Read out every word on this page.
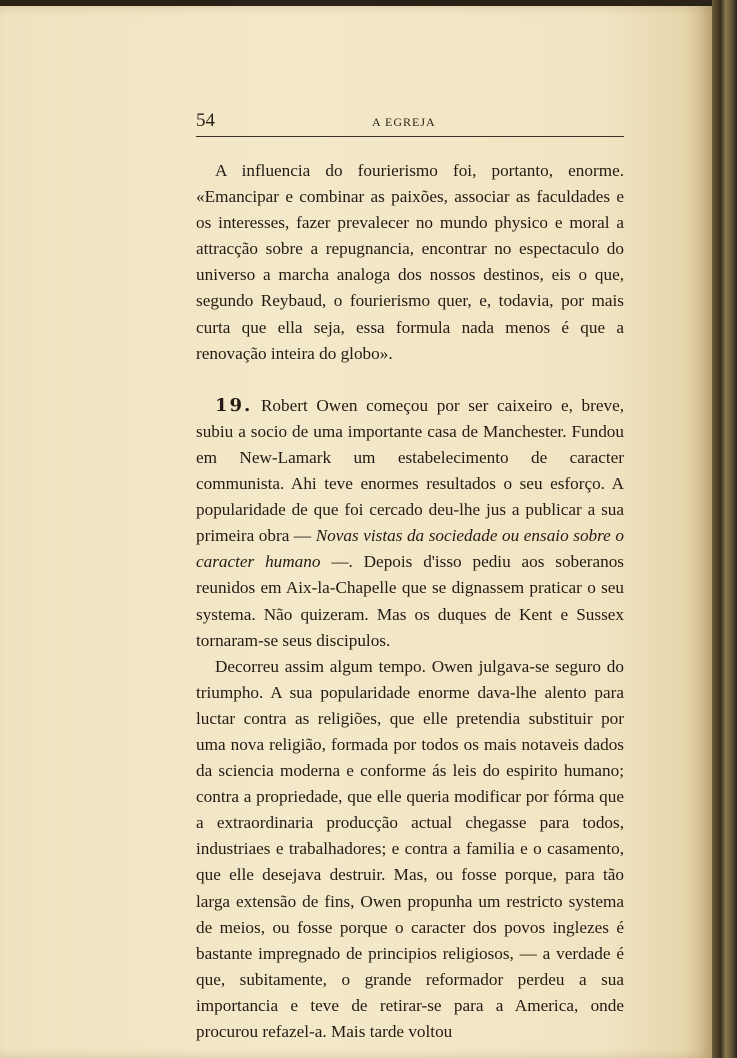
54	A EGREJA

A influencia do fourierismo foi, portanto, enorme. «Emancipar e combinar as paixões, associar as faculdades e os interesses, fazer prevalecer no mundo physico e moral a attracção sobre a repugnancia, encontrar no espectaculo do universo a marcha analoga dos nossos destinos, eis o que, segundo Reybaud, o fourierismo quer, e, todavia, por mais curta que ella seja, essa formula nada menos é que a renovação inteira do globo».

19. Robert Owen começou por ser caixeiro e, breve, subiu a socio de uma importante casa de Manchester. Fundou em New-Lamark um estabelecimento de caracter communista. Ahi teve enormes resultados o seu esforço. A popularidade de que foi cercado deu-lhe jus a publicar a sua primeira obra — Novas vistas da sociedade ou ensaio sobre o caracter humano —. Depois d'isso pediu aos soberanos reunidos em Aix-la-Chapelle que se dignassem praticar o seu systema. Não quizeram. Mas os duques de Kent e Sussex tornaram-se seus discipulos.

Decorreu assim algum tempo. Owen julgava-se seguro do triumpho. A sua popularidade enorme dava-lhe alento para luctar contra as religiões, que elle pretendia substituir por uma nova religião, formada por todos os mais notaveis dados da sciencia moderna e conforme ás leis do espirito humano; contra a propriedade, que elle queria modificar por fórma que a extraordinaria producção actual chegasse para todos, industriaes e trabalhadores; e contra a familia e o casamento, que elle desejava destruir. Mas, ou fosse porque, para tão larga extensão de fins, Owen propunha um restricto systema de meios, ou fosse porque o caracter dos povos inglezes é bastante impregnado de principios religiosos, — a verdade é que, subitamente, o grande reformador perdeu a sua importancia e teve de retirar-se para a America, onde procurou refazel-a. Mais tarde voltou
